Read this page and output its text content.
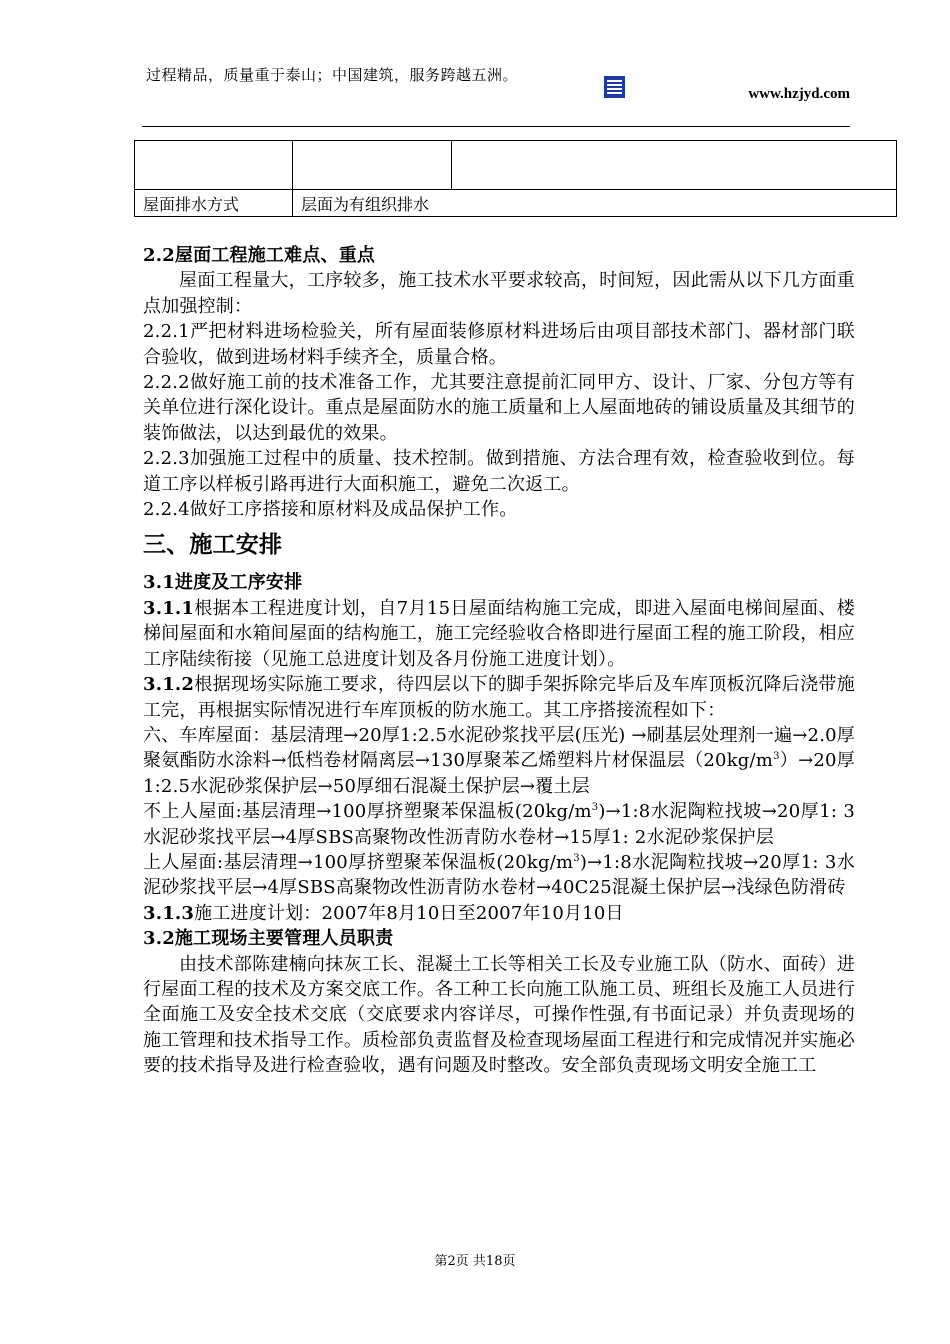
过程精品，质量重于泰山；中国建筑，服务跨越五洲。
www.hzjyd.com

屋面排水方式	层面为有组织排水	
2.2屋面工程施工难点、重点

屋面工程量大，工序较多，施工技术水平要求较高，时间短，因此需从以下几方面重点加强控制：

2.2.1严把材料进场检验关，所有屋面装修原材料进场后由项目部技术部门、器材部门联合验收，做到进场材料手续齐全，质量合格。

2.2.2做好施工前的技术准备工作，尤其要注意提前汇同甲方、设计、厂家、分包方等有关单位进行深化设计。重点是屋面防水的施工质量和上人屋面地砖的铺设质量及其细节的装饰做法，以达到最优的效果。

2.2.3加强施工过程中的质量、技术控制。做到措施、方法合理有效，检查验收到位。每道工序以样板引路再进行大面积施工，避免二次返工。

2.2.4做好工序搭接和原材料及成品保护工作。

三、施工安排
3.1进度及工序安排

3.1.1根据本工程进度计划，自7月15日屋面结构施工完成，即进入屋面电梯间屋面、楼梯间屋面和水箱间屋面的结构施工，施工完经验收合格即进行屋面工程的施工阶段，相应工序陆续衔接（见施工总进度计划及各月份施工进度计划）。

3.1.2根据现场实际施工要求，待四层以下的脚手架拆除完毕后及车库顶板沉降后浇带施工完，再根据实际情况进行车库顶板的防水施工。其工序搭接流程如下：

六、车库屋面：基层清理→20厚1:2.5水泥砂浆找平层(压光) →刷基层处理剂一遍→2.0厚聚氨酯防水涂料→低档卷材隔离层→130厚聚苯乙烯塑料片材保温层$(20kg/m^3)\to 20$厚1:2.5水泥砂浆保护层→50厚细石混凝土保护层→覆土层

不上人屋面:基层清理→100厚挤塑聚苯保温板$(20kg/m^3)\to 1:8$水泥陶粒找坡→20厚1: 3水泥砂浆找平层→4厚SBS高聚物改性沥青防水卷材→15厚1: 2水泥砂浆保护层

上人屋面:基层清理→100厚挤塑聚苯保温板$(20kg/m^3)\to 1:8$水泥陶粒找坡→20厚1: 3水泥砂浆找平层→4厚SBS高聚物改性沥青防水卷材→40C25混凝土保护层→浅绿色防滑砖

3.1.3施工进度计划：2007年8月10日至2007年10月10日

3.2施工现场主要管理人员职责

由技术部陈建楠向抹灰工长、混凝土工长等相关工长及专业施工队（防水、面砖）进行屋面工程的技术及方案交底工作。各工种工长向施工队施工员、班组长及施工人员进行全面施工及安全技术交底（交底要求内容详尽，可操作性强,有书面记录）并负责现场的施工管理和技术指导工作。质检部负责监督及检查现场屋面工程进行和完成情况并实施必要的技术指导及进行检查验收，遇有问题及时整改。安全部负责现场文明安全施工工

第2页 共18页
